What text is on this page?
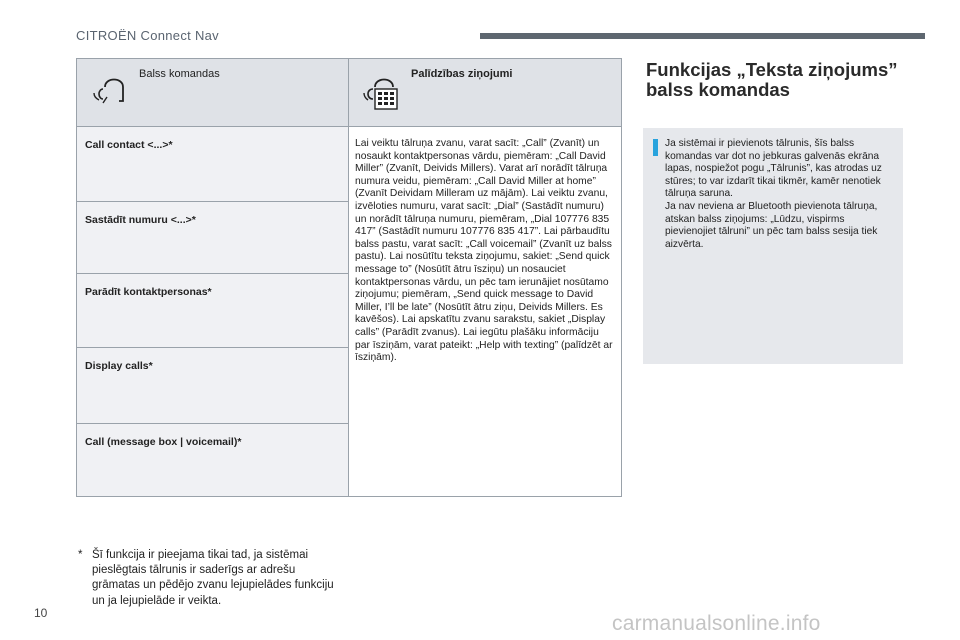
CITROËN Connect Nav
Balss komandas	Palīdzības ziņojumi

Call contact <...>*	Lai veiktu tālruņa zvanu, varat sacīt: „Call” (Zvanīt) un nosaukt kontaktpersonas vārdu, piemēram: „Call David Miller” (Zvanīt, Deivids Millers). Varat arī norādīt tālruņa numura veidu, piemēram: „Call David Miller at home” (Zvanīt Deividam Milleram uz mājām). Lai veiktu zvanu, izvēloties numuru, varat sacīt: „Dial” (Sastādīt numuru) un norādīt tālruņa numuru, piemēram, „Dial 107776 835 417” (Sastādīt numuru 107776 835 417”. Lai pārbaudītu balss pastu, varat sacīt: „Call voicemail” (Zvanīt uz balss pastu). Lai nosūtītu teksta ziņojumu, sakiet: „Send quick message to” (Nosūtīt ātru īsziņu) un nosauciet kontaktpersonas vārdu, un pēc tam ierunājiet nosūtamo ziņojumu; piemēram, „Send quick message to David Miller, I’ll be late” (Nosūtīt ātru ziņu, Deivids Millers. Es kavēšos). Lai apskatītu zvanu sarakstu, sakiet „Display calls” (Parādīt zvanus). Lai iegūtu plašāku informāciju par īsziņām, varat pateikt: „Help with texting” (palīdzēt ar īsziņām).

Sastādīt numuru <...>*	

Parādīt kontaktpersonas*	

Display calls*	

Call (message box | voicemail)*	
* Šī funkcija ir pieejama tikai tad, ja sistēmai pieslēgtais tālrunis ir saderīgs ar adrešu grāmatas un pēdējo zvanu lejupielādes funkciju un ja lejupielāde ir veikta.
Funkcijas „Teksta ziņojums” balss komandas
Ja sistēmai ir pievienots tālrunis, šīs balss komandas var dot no jebkuras galvenās ekrāna lapas, nospiežot pogu „Tālrunis”, kas atrodas uz stūres; to var izdarīt tikai tikmēr, kamēr nenotiek tālruņa saruna.
Ja nav neviena ar Bluetooth pievienota tālruņa, atskan balss ziņojums: „Lūdzu, vispirms pievienojiet tālruni” un pēc tam balss sesija tiek aizvērta.
10	carmanualsonline.info
